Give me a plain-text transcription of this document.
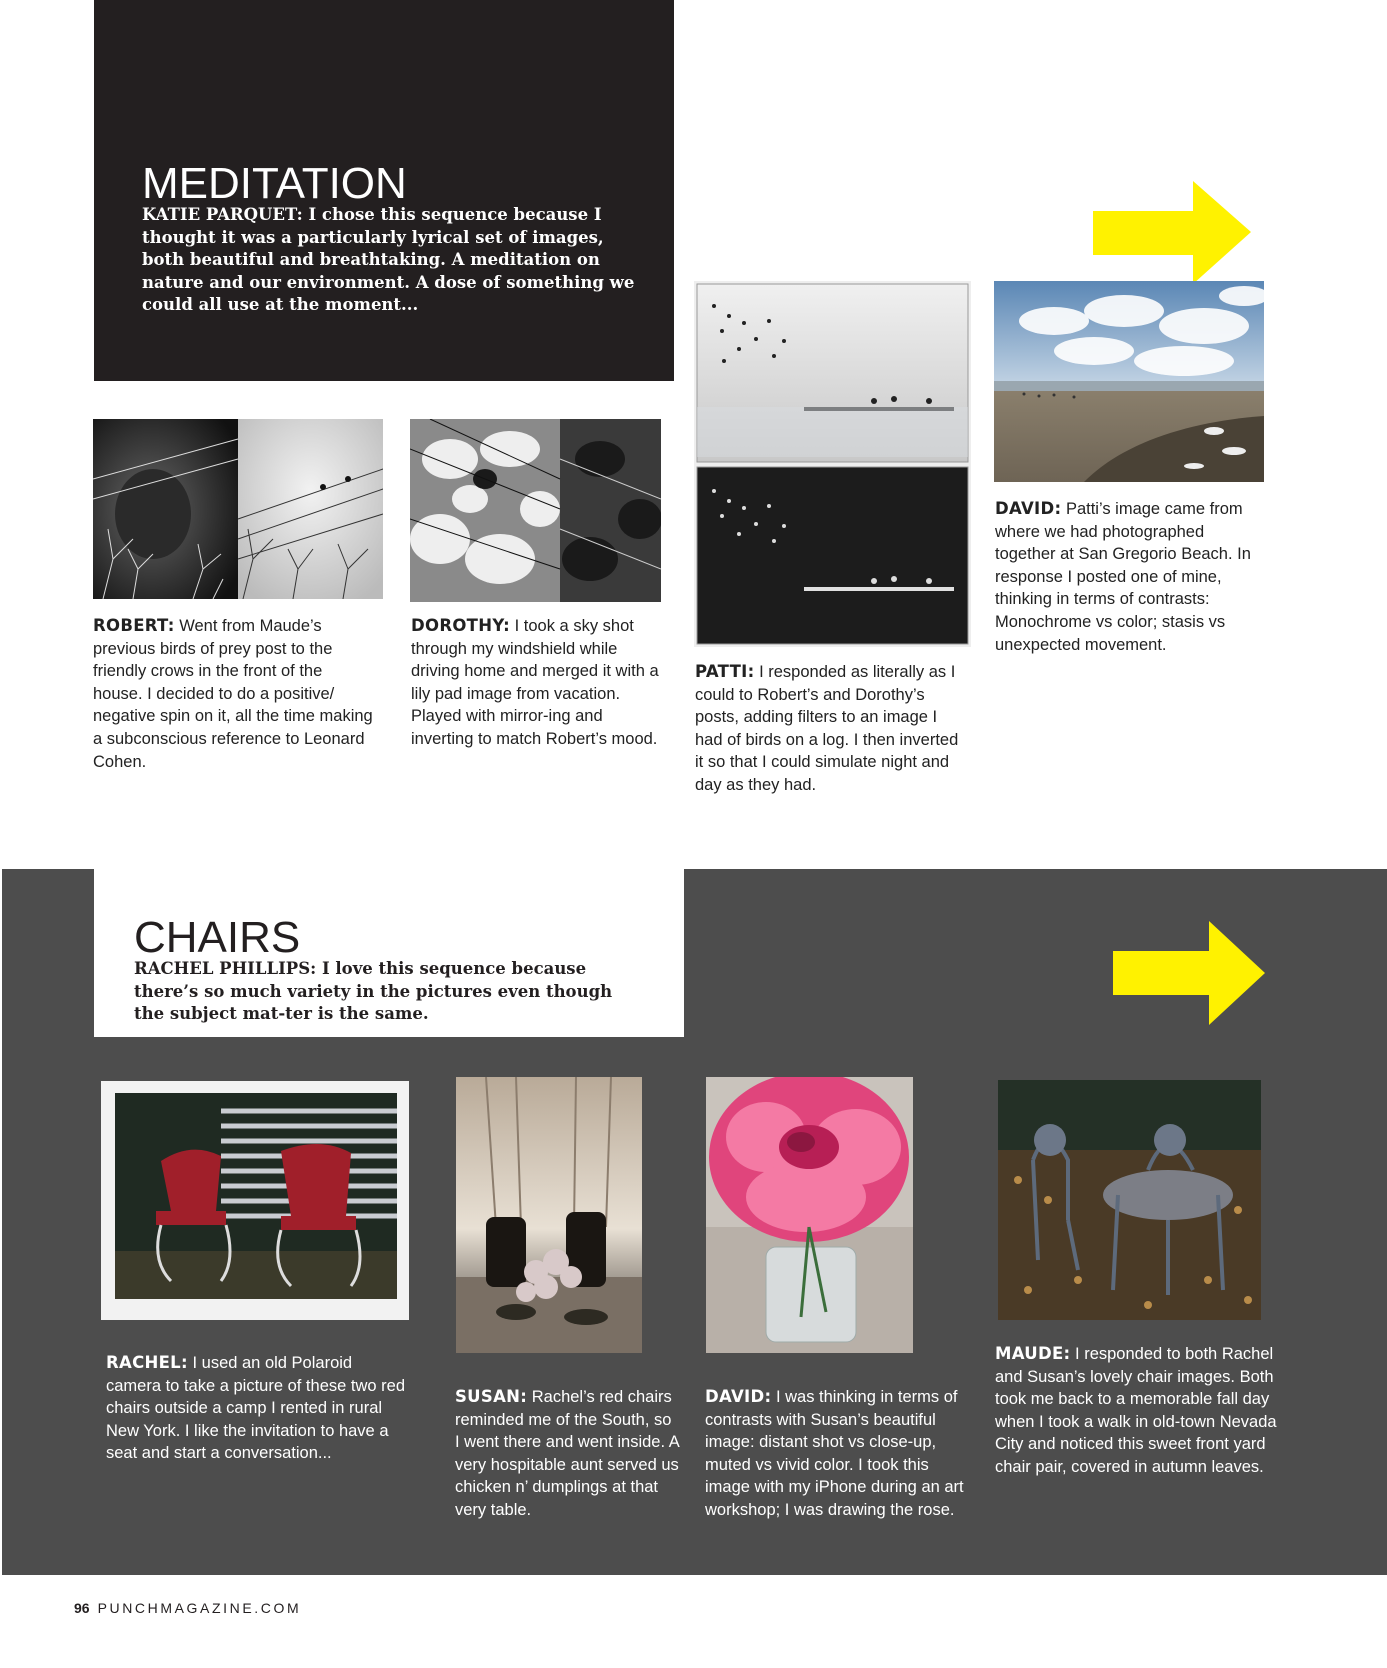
MEDITATION

KATIE PARQUET: I chose this sequence because I thought it was a particularly lyrical set of images, both beautiful and breathtaking. A meditation on nature and our environment. A dose of something we could all use at the moment...

ROBERT: Went from Maude’s previous birds of prey post to the friendly crows in the front of the house. I decided to do a positive/ negative spin on it, all the time making a subconscious reference to Leonard Cohen.

DOROTHY: I took a sky shot through my windshield while driving home and merged it with a lily pad image from vacation. Played with mirror-ing and inverting to match Robert’s mood.

PATTI: I responded as literally as I could to Robert’s and Dorothy’s posts, adding filters to an image I had of birds on a log. I then inverted it so that I could simulate night and day as they had.

DAVID: Patti’s image came from where we had photographed together at San Gregorio Beach. In response I posted one of mine, thinking in terms of contrasts: Monochrome vs color; stasis vs unexpected movement.

CHAIRS

RACHEL PHILLIPS: I love this sequence because there’s so much variety in the pictures even though the subject mat-ter is the same.

RACHEL: I used an old Polaroid camera to take a picture of these two red chairs outside a camp I rented in rural New York. I like the invitation to have a seat and start a conversation...

SUSAN: Rachel’s red chairs reminded me of the South, so I went there and went inside. A very hospitable aunt served us chicken n’ dumplings at that very table.

DAVID: I was thinking in terms of contrasts with Susan’s beautiful image: distant shot vs close-up, muted vs vivid color. I took this image with my iPhone during an art workshop; I was drawing the rose.

MAUDE: I responded to both Rachel and Susan’s lovely chair images. Both took me back to a memorable fall day when I took a walk in old-town Nevada City and noticed this sweet front yard chair pair, covered in autumn leaves.

96 PUNCHMAGAZINE.COM
